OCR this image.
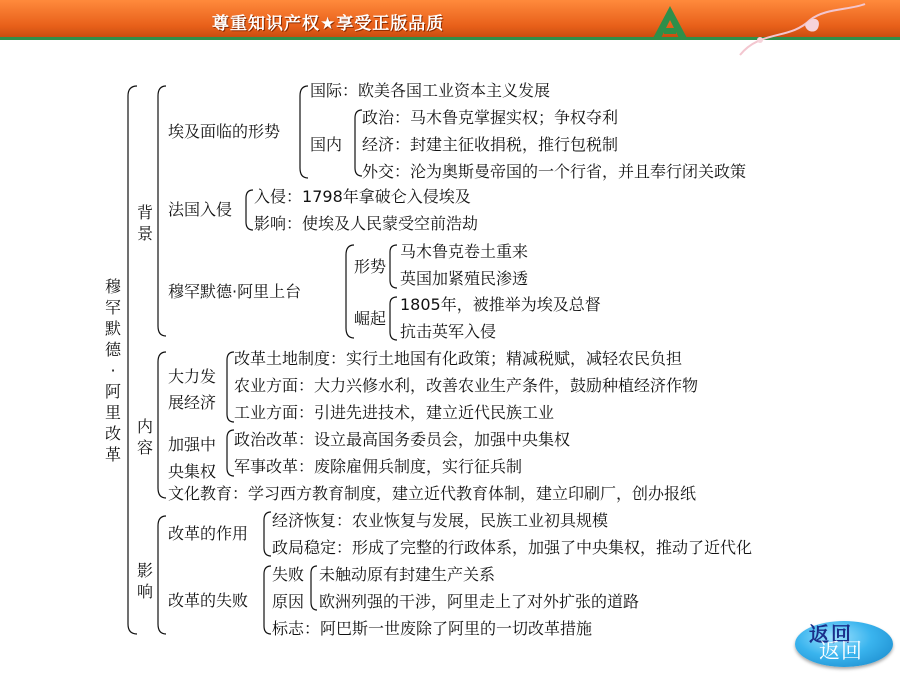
尊重知识产权★享受正版品质
穆罕默德·阿里改革
背景
内容
影响
埃及面临的形势
国际：欧美各国工业资本主义发展
国内
政治：马木鲁克掌握实权；争权夺利
经济：封建主征收捐税，推行包税制
外交：沦为奥斯曼帝国的一个行省，并且奉行闭关政策
法国入侵
入侵：1798年拿破仑入侵埃及
影响：使埃及人民蒙受空前浩劫
穆罕默德·阿里上台
形势
马木鲁克卷土重来
英国加紧殖民渗透
崛起
1805年，被推举为埃及总督
抗击英军入侵
大力发展经济
改革土地制度：实行土地国有化政策；精减税赋，减轻农民负担
农业方面：大力兴修水利，改善农业生产条件，鼓励种植经济作物
工业方面：引进先进技术，建立近代民族工业
加强中央集权
政治改革：设立最高国务委员会，加强中央集权
军事改革：废除雇佣兵制度，实行征兵制
文化教育：学习西方教育制度，建立近代教育体制，建立印刷厂，创办报纸
改革的作用
经济恢复：农业恢复与发展，民族工业初具规模
政局稳定：形成了完整的行政体系，加强了中央集权，推动了近代化
改革的失败
失败 未触动原有封建生产关系
原因 欧洲列强的干涉，阿里走上了对外扩张的道路
标志：阿巴斯一世废除了阿里的一切改革措施	返回
返回
